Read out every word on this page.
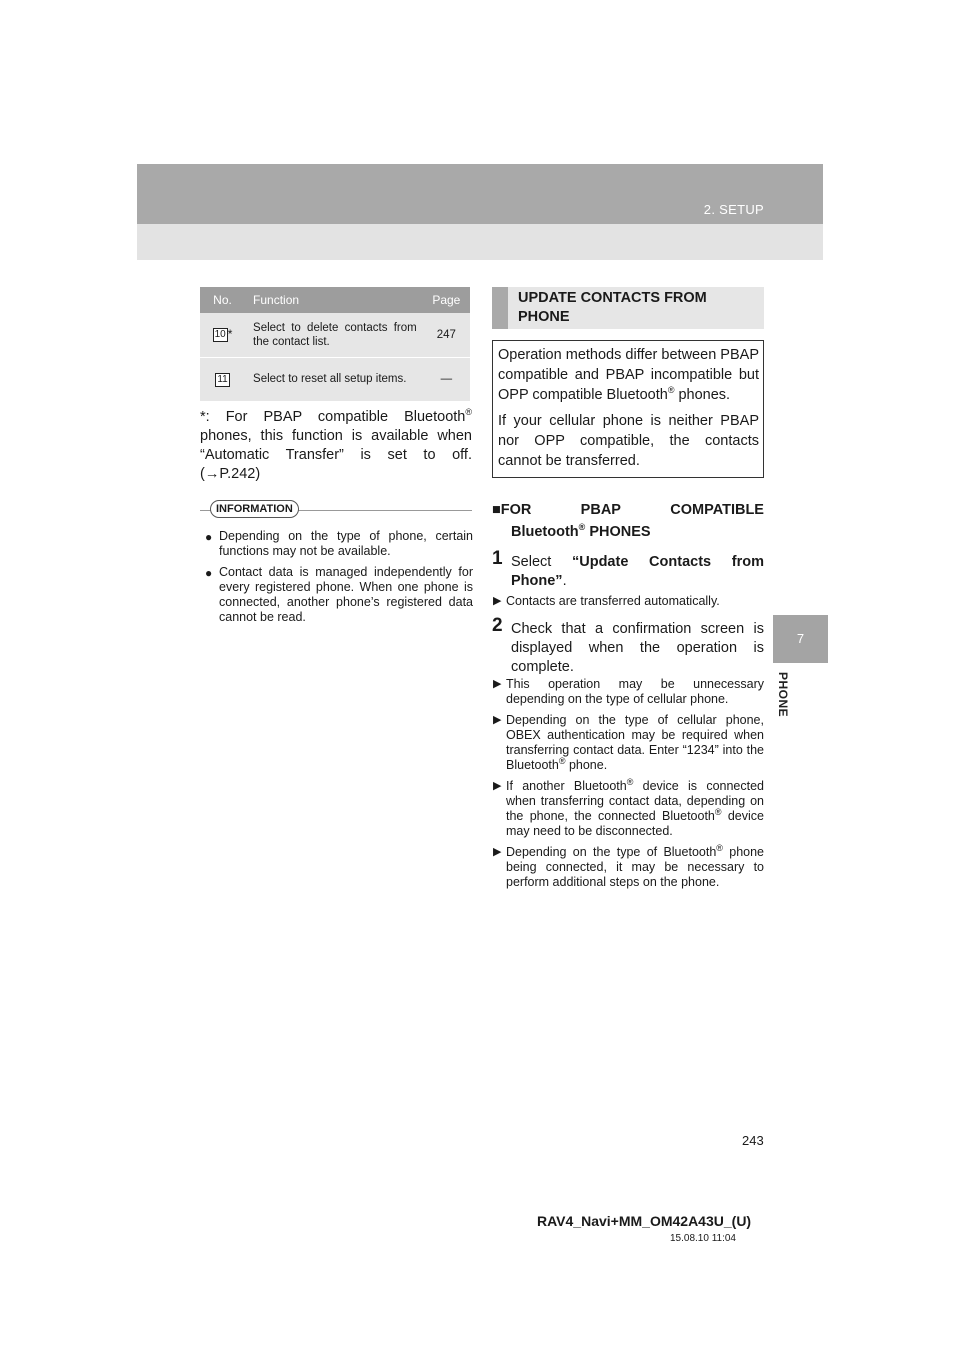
2. SETUP
7
PHONE
No.	Function	Page
10 *	Select to delete contacts from the contact list.	247
11	Select to reset all setup items.	—
*: For PBAP compatible Bluetooth® phones, this function is available when “Automatic Transfer” is set to off. (→P.242)
INFORMATION
● Depending on the type of phone, certain functions may not be available.
● Contact data is managed independently for every registered phone. When one phone is connected, another phone’s registered data cannot be read.
UPDATE CONTACTS FROM PHONE

Operation methods differ between PBAP compatible and PBAP incompatible but OPP compatible Bluetooth® phones.

If your cellular phone is neither PBAP nor OPP compatible, the contacts cannot be transferred.

■FOR	PBAP	COMPATIBLE
Bluetooth® PHONES
1 Select “Update Contacts from Phone”.
▶ Contacts are transferred automatically.
2 Check that a confirmation screen is displayed when the operation is complete.
▶ This operation may be unnecessary depending on the type of cellular phone.
▶ Depending on the type of cellular phone, OBEX authentication may be required when transferring contact data. Enter “1234” into the Bluetooth® phone.
▶ If another Bluetooth® device is connected when transferring contact data, depending on the phone, the connected Bluetooth® device may need to be disconnected.
▶ Depending on the type of Bluetooth® phone being connected, it may be necessary to perform additional steps on the phone.
243
RAV4_Navi+MM_OM42A43U_(U)
15.08.10 11:04
